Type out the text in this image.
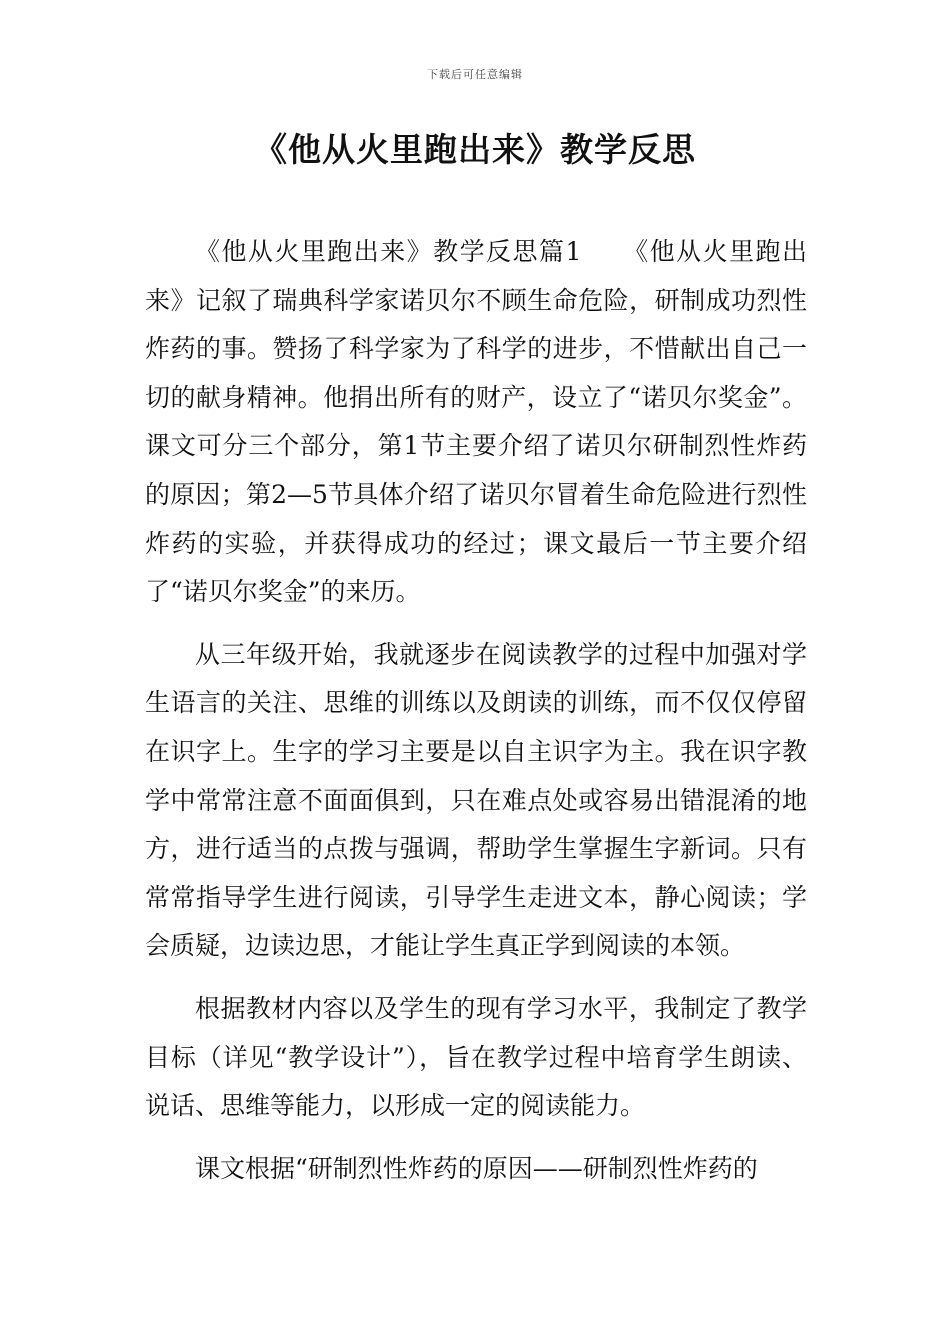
下载后可任意编辑
《他从火里跑出来》教学反思

《他从火里跑出来》教学反思篇1　　《他从火里跑出来》记叙了瑞典科学家诺贝尔不顾生命危险，研制成功烈性炸药的事。赞扬了科学家为了科学的进步，不惜献出自己一切的献身精神。他捐出所有的财产，设立了“诺贝尔奖金”。课文可分三个部分，第1节主要介绍了诺贝尔研制烈性炸药的原因；第2—5节具体介绍了诺贝尔冒着生命危险进行烈性炸药的实验，并获得成功的经过；课文最后一节主要介绍了“诺贝尔奖金”的来历。

从三年级开始，我就逐步在阅读教学的过程中加强对学生语言的关注、思维的训练以及朗读的训练，而不仅仅停留在识字上。生字的学习主要是以自主识字为主。我在识字教学中常常注意不面面俱到，只在难点处或容易出错混淆的地方，进行适当的点拨与强调，帮助学生掌握生字新词。只有常常指导学生进行阅读，引导学生走进文本，静心阅读；学会质疑，边读边思，才能让学生真正学到阅读的本领。

根据教材内容以及学生的现有学习水平，我制定了教学目标（详见“教学设计”），旨在教学过程中培育学生朗读、说话、思维等能力，以形成一定的阅读能力。

课文根据“研制烈性炸药的原因——研制烈性炸药的
